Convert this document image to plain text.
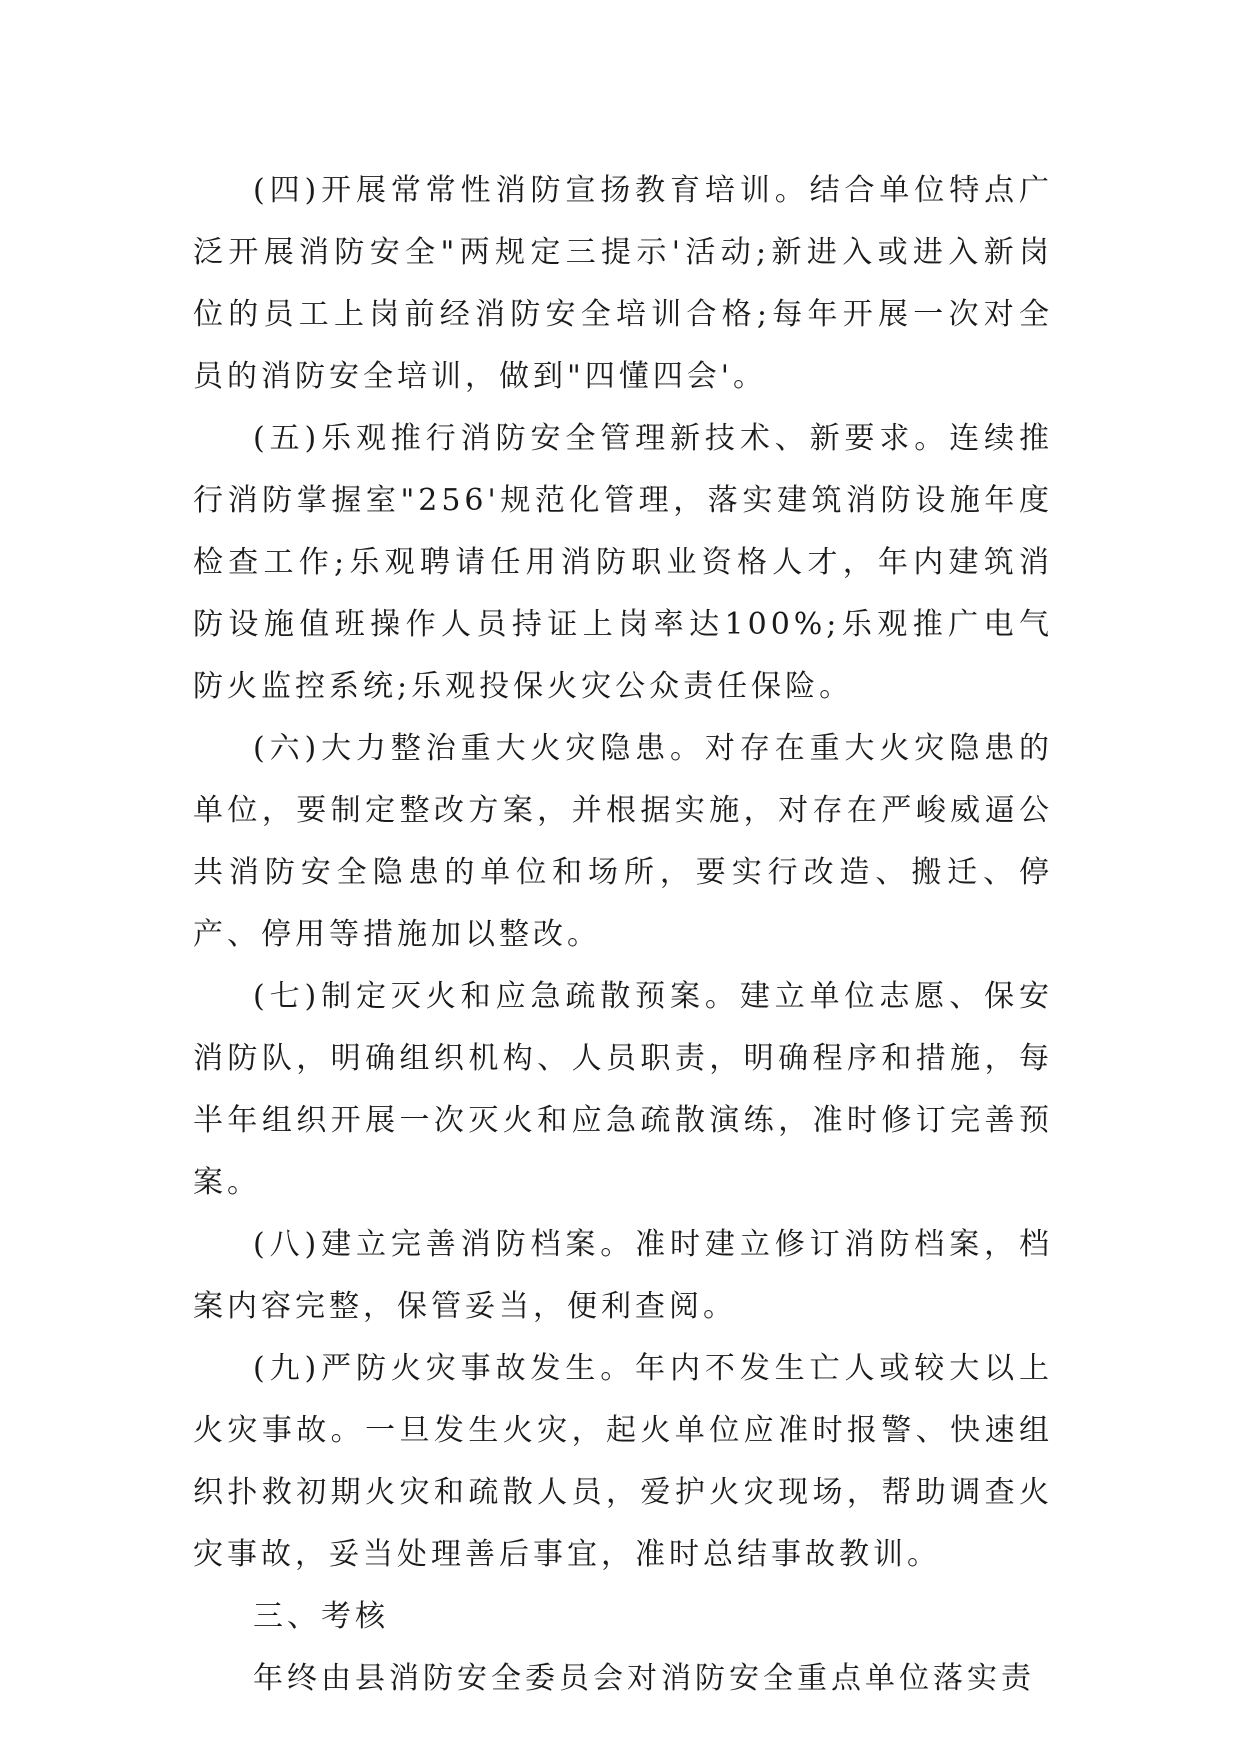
(四)开展常常性消防宣扬教育培训。结合单位特点广泛开展消防安全"两规定三提示'活动;新进入或进入新岗位的员工上岗前经消防安全培训合格;每年开展一次对全员的消防安全培训，做到"四懂四会'。

(五)乐观推行消防安全管理新技术、新要求。连续推行消防掌握室"256'规范化管理，落实建筑消防设施年度检查工作;乐观聘请任用消防职业资格人才，年内建筑消防设施值班操作人员持证上岗率达100%;乐观推广电气防火监控系统;乐观投保火灾公众责任保险。

(六)大力整治重大火灾隐患。对存在重大火灾隐患的单位，要制定整改方案，并根据实施，对存在严峻威逼公共消防安全隐患的单位和场所，要实行改造、搬迁、停产、停用等措施加以整改。

(七)制定灭火和应急疏散预案。建立单位志愿、保安消防队，明确组织机构、人员职责，明确程序和措施，每半年组织开展一次灭火和应急疏散演练，准时修订完善预案。

(八)建立完善消防档案。准时建立修订消防档案，档案内容完整，保管妥当，便利查阅。

(九)严防火灾事故发生。年内不发生亡人或较大以上火灾事故。一旦发生火灾，起火单位应准时报警、快速组织扑救初期火灾和疏散人员，爱护火灾现场，帮助调查火灾事故，妥当处理善后事宜，准时总结事故教训。

三、考核

年终由县消防安全委员会对消防安全重点单位落实责
